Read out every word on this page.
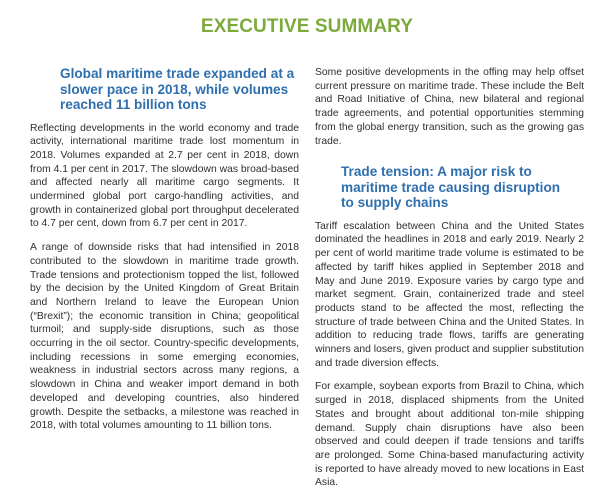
EXECUTIVE SUMMARY
Global maritime trade expanded at a slower pace in 2018, while volumes reached 11 billion tons

Reflecting developments in the world economy and trade activity, international maritime trade lost momentum in 2018. Volumes expanded at 2.7 per cent in 2018, down from 4.1 per cent in 2017. The slowdown was broad-based and affected nearly all maritime cargo segments. It undermined global port cargo-handling activities, and growth in containerized global port throughput decelerated to 4.7 per cent, down from 6.7 per cent in 2017.

A range of downside risks that had intensified in 2018 contributed to the slowdown in maritime trade growth. Trade tensions and protectionism topped the list, followed by the decision by the United Kingdom of Great Britain and Northern Ireland to leave the European Union (“Brexit”); the economic transition in China; geopolitical turmoil; and supply-side disruptions, such as those occurring in the oil sector. Country-specific developments, including recessions in some emerging economies, weakness in industrial sectors across many regions, a slowdown in China and weaker import demand in both developed and developing countries, also hindered growth. Despite the setbacks, a milestone was reached in 2018, with total volumes amounting to 11 billion tons.

Some positive developments in the offing may help offset current pressure on maritime trade. These include the Belt and Road Initiative of China, new bilateral and regional trade agreements, and potential opportunities stemming from the global energy transition, such as the growing gas trade.

Trade tension: A major risk to maritime trade causing disruption to supply chains

Tariff escalation between China and the United States dominated the headlines in 2018 and early 2019. Nearly 2 per cent of world maritime trade volume is estimated to be affected by tariff hikes applied in September 2018 and May and June 2019. Exposure varies by cargo type and market segment. Grain, containerized trade and steel products stand to be affected the most, reflecting the structure of trade between China and the United States. In addition to reducing trade flows, tariffs are generating winners and losers, given product and supplier substitution and trade diversion effects.

For example, soybean exports from Brazil to China, which surged in 2018, displaced shipments from the United States and brought about additional ton-mile shipping demand. Supply chain disruptions have also been observed and could deepen if trade tensions and tariffs are prolonged. Some China-based manufacturing activity is reported to have already moved to new locations in East Asia.
